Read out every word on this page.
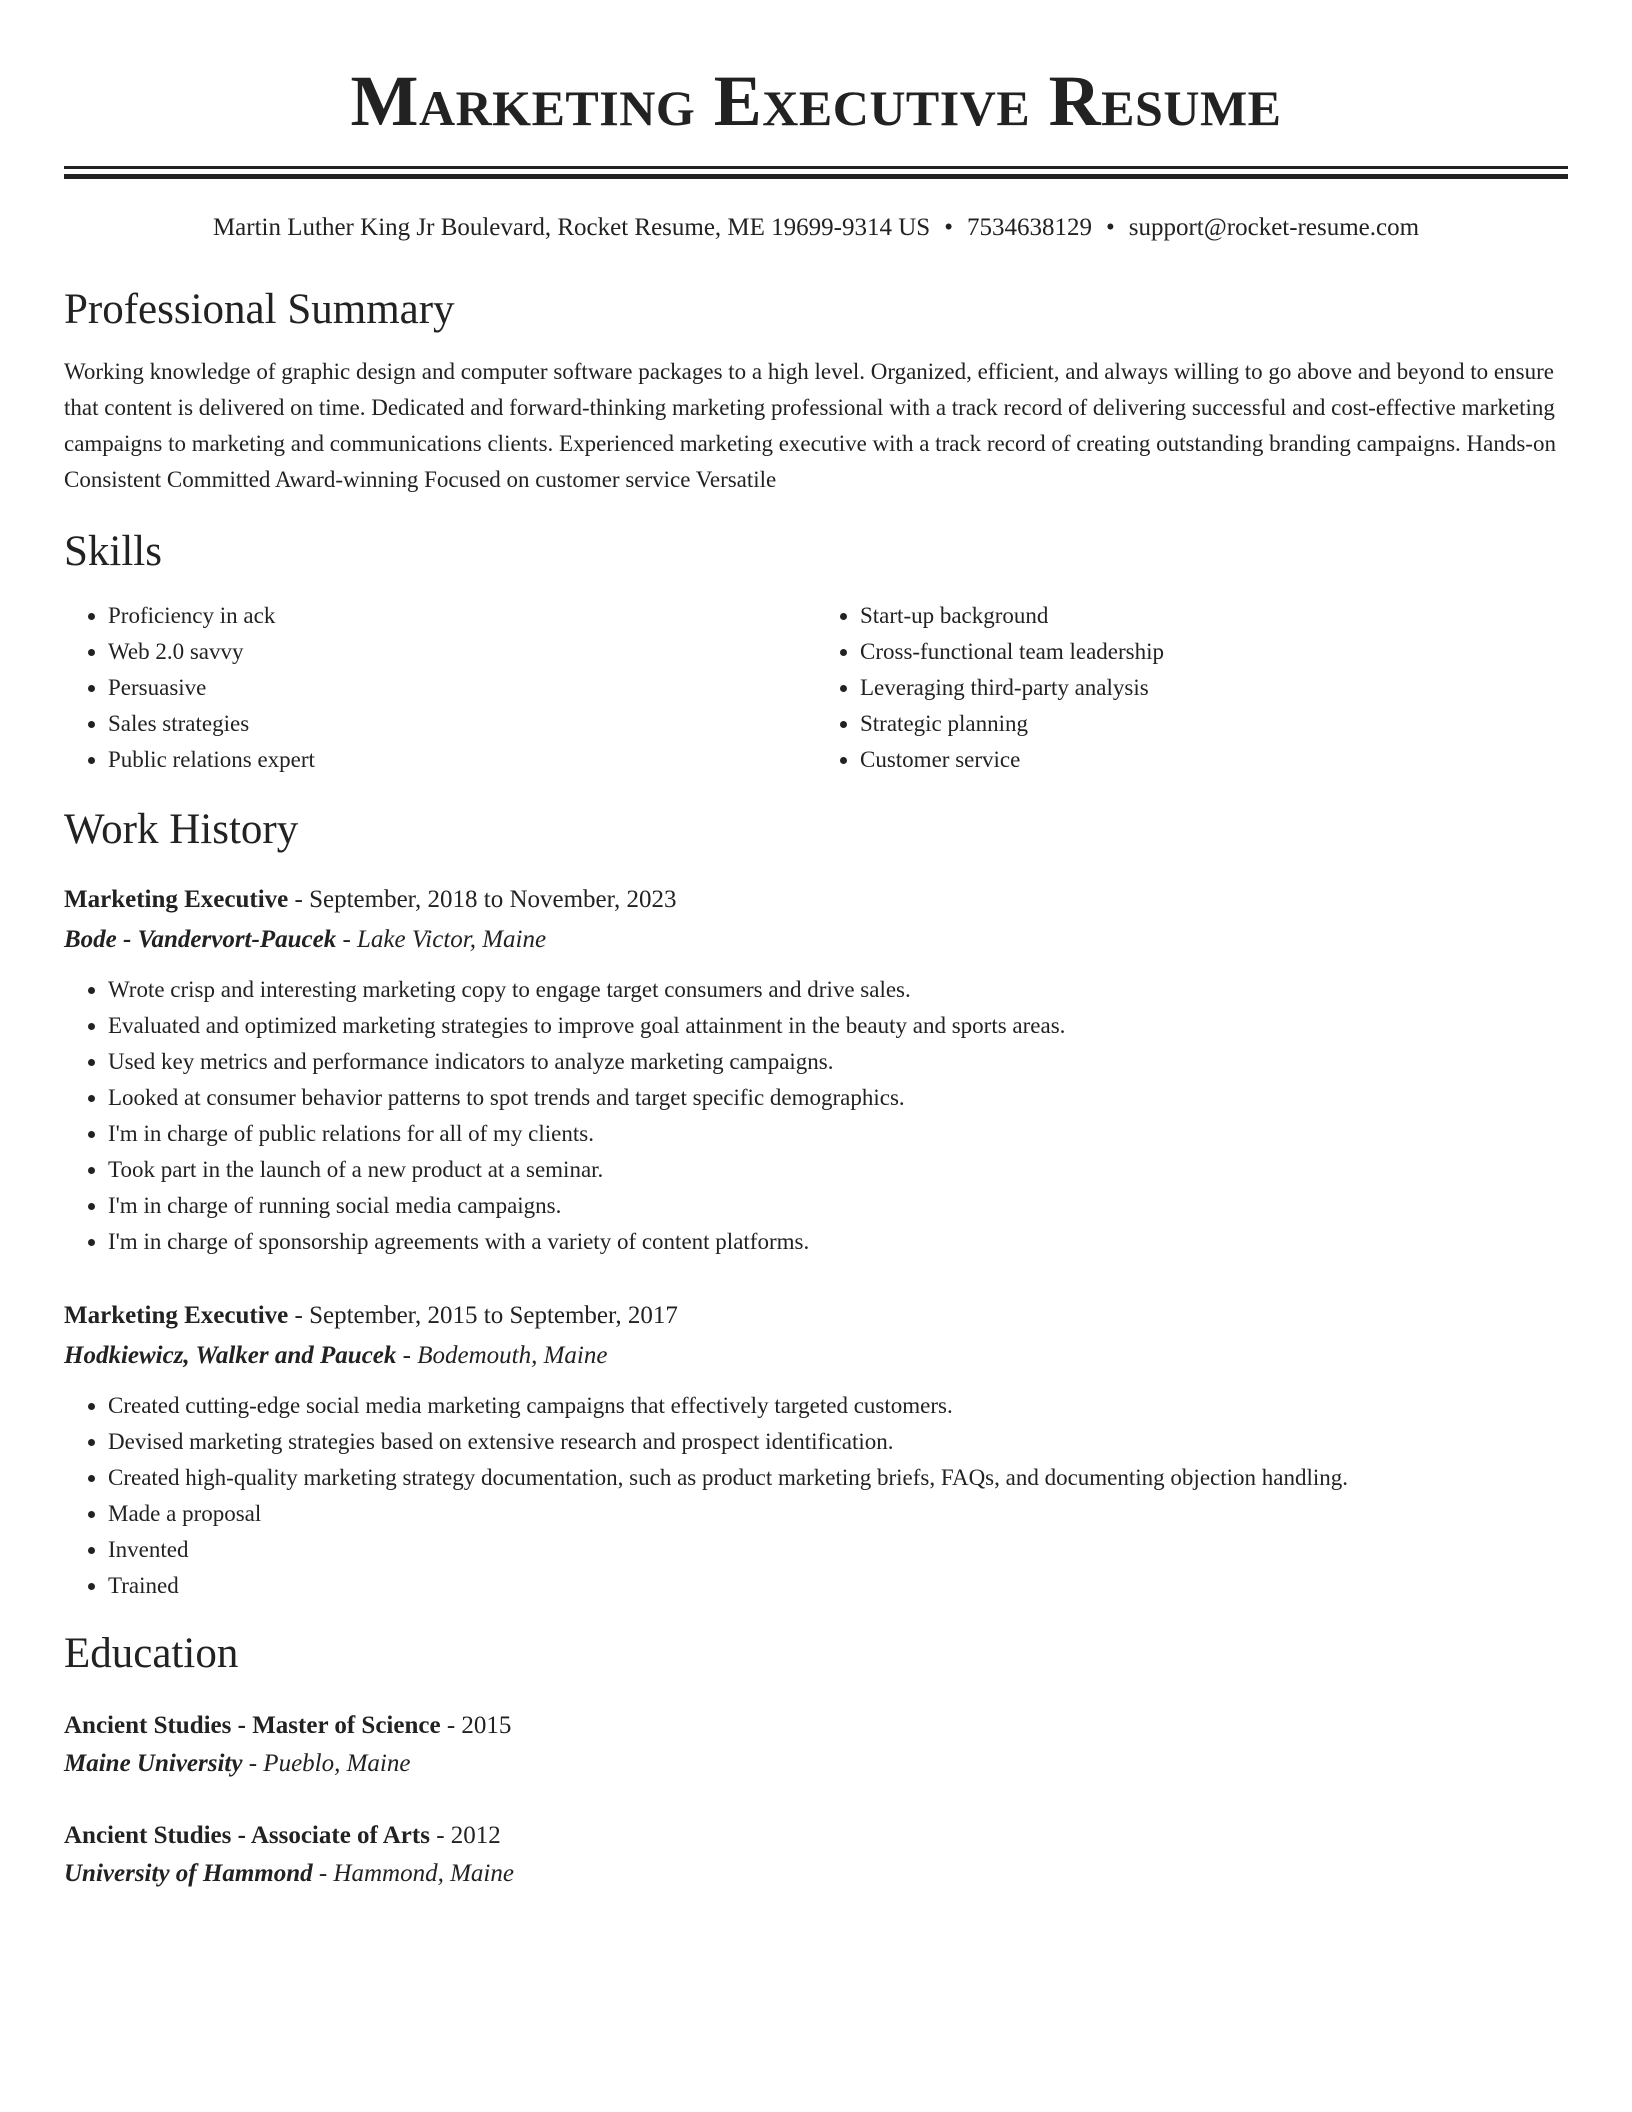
Marketing Executive Resume
Martin Luther King Jr Boulevard, Rocket Resume, ME 19699-9314 US • 7534638129 • support@rocket-resume.com
Professional Summary

Working knowledge of graphic design and computer software packages to a high level. Organized, efficient, and always willing to go above and beyond to ensure that content is delivered on time. Dedicated and forward-thinking marketing professional with a track record of delivering successful and cost-effective marketing campaigns to marketing and communications clients. Experienced marketing executive with a track record of creating outstanding branding campaigns. Hands-on Consistent Committed Award-winning Focused on customer service Versatile

Skills
• Proficiency in ack
• Web 2.0 savvy
• Persuasive
• Sales strategies
• Public relations expert
• Start-up background
• Cross-functional team leadership
• Leveraging third-party analysis
• Strategic planning
• Customer service
Work History
Marketing Executive - September, 2018 to November, 2023
Bode - Vandervort-Paucek - Lake Victor, Maine
• Wrote crisp and interesting marketing copy to engage target consumers and drive sales.
• Evaluated and optimized marketing strategies to improve goal attainment in the beauty and sports areas.
• Used key metrics and performance indicators to analyze marketing campaigns.
• Looked at consumer behavior patterns to spot trends and target specific demographics.
• I'm in charge of public relations for all of my clients.
• Took part in the launch of a new product at a seminar.
• I'm in charge of running social media campaigns.
• I'm in charge of sponsorship agreements with a variety of content platforms.
Marketing Executive - September, 2015 to September, 2017
Hodkiewicz, Walker and Paucek - Bodemouth, Maine
• Created cutting-edge social media marketing campaigns that effectively targeted customers.
• Devised marketing strategies based on extensive research and prospect identification.
• Created high-quality marketing strategy documentation, such as product marketing briefs, FAQs, and documenting objection handling.
• Made a proposal
• Invented
• Trained
Education
Ancient Studies - Master of Science - 2015
Maine University - Pueblo, Maine
Ancient Studies - Associate of Arts - 2012
University of Hammond - Hammond, Maine
